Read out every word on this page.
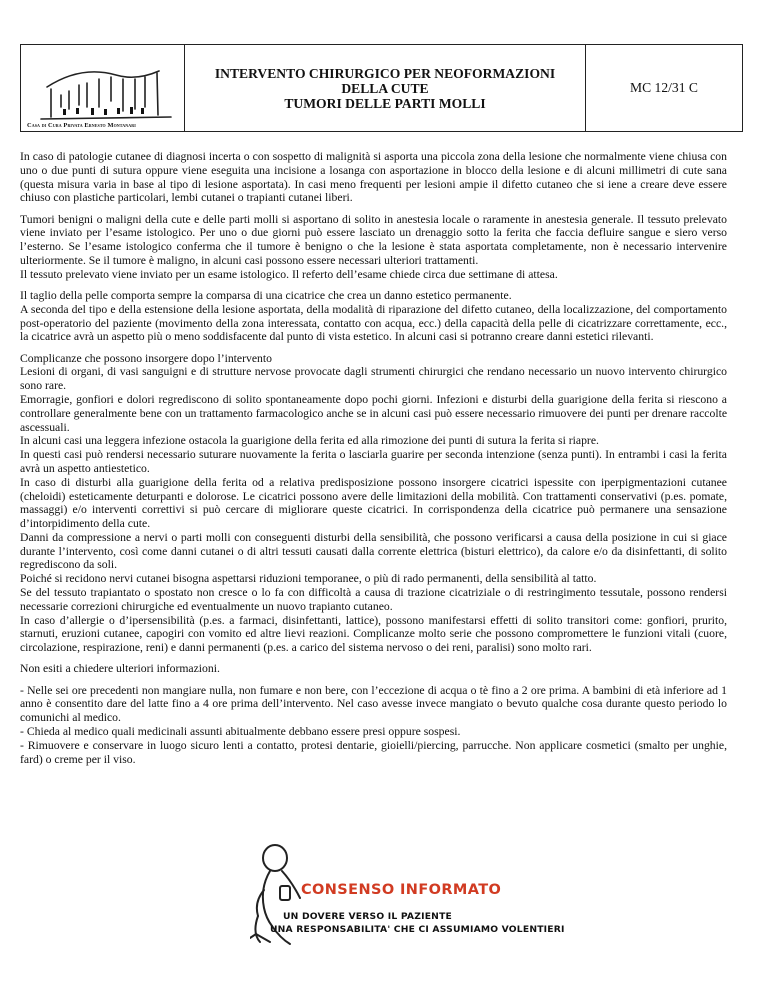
Casa di Cura Privata Ernesto Montanari

INTERVENTO CHIRURGICO PER NEOFORMAZIONI
DELLA CUTE
TUMORI DELLE PARTI MOLLI
	MC 12/31 C

In caso di patologie cutanee di diagnosi incerta o con sospetto di malignità si asporta una piccola zona della lesione che normalmente viene chiusa con uno o due punti di sutura oppure viene eseguita una incisione a losanga con asportazione in blocco della lesione e di alcuni millimetri di cute sana (questa misura varia in base al tipo di lesione asportata). In casi meno frequenti per lesioni ampie il difetto cutaneo che si iene a creare deve essere chiuso con plastiche particolari, lembi cutanei o trapianti cutanei liberi.

Tumori benigni o maligni della cute e delle parti molli si asportano di solito in anestesia locale o raramente in anestesia generale. Il tessuto prelevato viene inviato per l’esame istologico. Per uno o due giorni può essere lasciato un drenaggio sotto la ferita che faccia defluire sangue e siero verso l’esterno. Se l’esame istologico conferma che il tumore è benigno o che la lesione è stata asportata completamente, non è necessario intervenire ulteriormente. Se il tumore è maligno, in alcuni casi possono essere necessari ulteriori trattamenti.

Il tessuto prelevato viene inviato per un esame istologico. Il referto dell’esame chiede circa due settimane di attesa.

Il taglio della pelle comporta sempre la comparsa di una cicatrice che crea un danno estetico permanente.

A seconda del tipo e della estensione della lesione asportata, della modalità di riparazione del difetto cutaneo, della localizzazione, del comportamento post-operatorio del paziente (movimento della zona interessata, contatto con acqua, ecc.) della capacità della pelle di cicatrizzare correttamente, ecc., la cicatrice avrà un aspetto più o meno soddisfacente dal punto di vista estetico. In alcuni casi si potranno creare danni estetici rilevanti.

Complicanze che possono insorgere dopo l’intervento

Lesioni di organi, di vasi sanguigni e di strutture nervose provocate dagli strumenti chirurgici che rendano necessario un nuovo intervento chirurgico sono rare.

Emorragie, gonfiori e dolori regrediscono di solito spontaneamente dopo pochi giorni. Infezioni e disturbi della guarigione della ferita si riescono a controllare generalmente bene con un trattamento farmacologico anche se in alcuni casi può essere necessario rimuovere dei punti per drenare raccolte ascessuali.

In alcuni casi una leggera infezione ostacola la guarigione della ferita ed alla rimozione dei punti di sutura la ferita si riapre.

In questi casi può rendersi necessario suturare nuovamente la ferita o lasciarla guarire per seconda intenzione (senza punti). In entrambi i casi la ferita avrà un aspetto antiestetico.

In caso di disturbi alla guarigione della ferita od a relativa predisposizione possono insorgere cicatrici ispessite con iperpigmentazioni cutanee (cheloidi) esteticamente deturpanti e dolorose. Le cicatrici possono avere delle limitazioni della mobilità. Con trattamenti conservativi (p.es. pomate, massaggi) e/o interventi correttivi si può cercare di migliorare queste cicatrici. In corrispondenza della cicatrice può permanere una sensazione d’intorpidimento della cute.

Danni da compressione a nervi o parti molli con conseguenti disturbi della sensibilità, che possono verificarsi a causa della posizione in cui si giace durante l’intervento, così come danni cutanei o di altri tessuti causati dalla corrente elettrica (bisturi elettrico), da calore e/o da disinfettanti, di solito regrediscono da soli.

Poiché si recidono nervi cutanei bisogna aspettarsi riduzioni temporanee, o più di rado permanenti, della sensibilità al tatto.

Se del tessuto trapiantato o spostato non cresce o lo fa con difficoltà a causa di trazione cicatriziale o di restringimento tessutale, possono rendersi necessarie correzioni chirurgiche ed eventualmente un nuovo trapianto cutaneo.

In caso d’allergie o d’ipersensibilità (p.es. a farmaci, disinfettanti, lattice), possono manifestarsi effetti di solito transitori come: gonfiori, prurito, starnuti, eruzioni cutanee, capogiri con vomito ed altre lievi reazioni. Complicanze molto serie che possono compromettere le funzioni vitali (cuore, circolazione, respirazione, reni) e danni permanenti (p.es. a carico del sistema nervoso o dei reni, paralisi) sono molto rari.

Non esiti a chiedere ulteriori informazioni.

- Nelle sei ore precedenti non mangiare nulla, non fumare e non bere, con l’eccezione di acqua o tè fino a 2 ore prima. A bambini di età inferiore ad 1 anno è consentito dare del latte fino a 4 ore prima dell’intervento. Nel caso avesse invece mangiato o bevuto qualche cosa durante questo periodo lo comunichi al medico.

- Chieda al medico quali medicinali assunti abitualmente debbano essere presi oppure sospesi.

- Rimuovere e conservare in luogo sicuro lenti a contatto, protesi dentarie, gioielli/piercing, parrucche. Non applicare cosmetici (smalto per unghie, fard) o creme per il viso.

CONSENSO INFORMATO
UN DOVERE VERSO IL PAZIENTE
UNA RESPONSABILITA' CHE CI ASSUMIAMO VOLENTIERI
